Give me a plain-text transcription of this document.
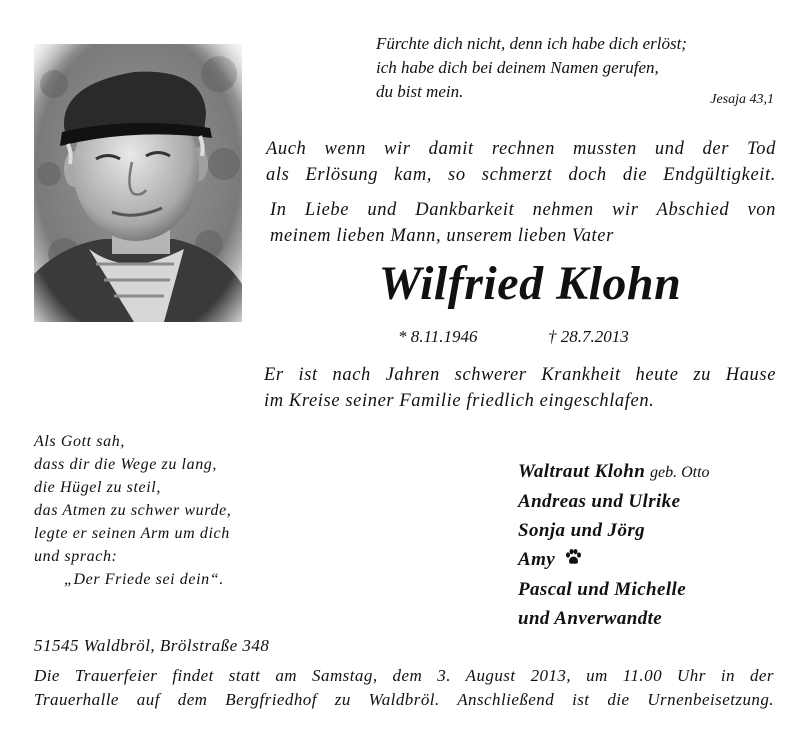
Fürchte dich nicht, denn ich habe dich erlöst;
ich habe dich bei deinem Namen gerufen,
du bist mein.	Jesaja 43,1
Auch wenn wir damit rechnen mussten und der Tod
als Erlösung kam, so schmerzt doch die Endgültigkeit.
In Liebe und Dankbarkeit nehmen wir Abschied von
meinem lieben Mann, unserem lieben Vater
Wilfried Klohn
* 8.11.1946	† 28.7.2013
Er ist nach Jahren schwerer Krankheit heute zu Hause
im Kreise seiner Familie friedlich eingeschlafen.
Als Gott sah,
dass dir die Wege zu lang,
die Hügel zu steil,
das Atmen zu schwer wurde,
legte er seinen Arm um dich
und sprach:
„Der Friede sei dein“.
Waltraut Klohn geb. Otto
Andreas und Ulrike
Sonja und Jörg
Amy
Pascal und Michelle
und Anverwandte
51545 Waldbröl, Brölstraße 348
Die Trauerfeier findet statt am Samstag, dem 3. August 2013, um 11.00 Uhr in der
Trauerhalle auf dem Bergfriedhof zu Waldbröl. Anschließend ist die Urnenbeisetzung.
